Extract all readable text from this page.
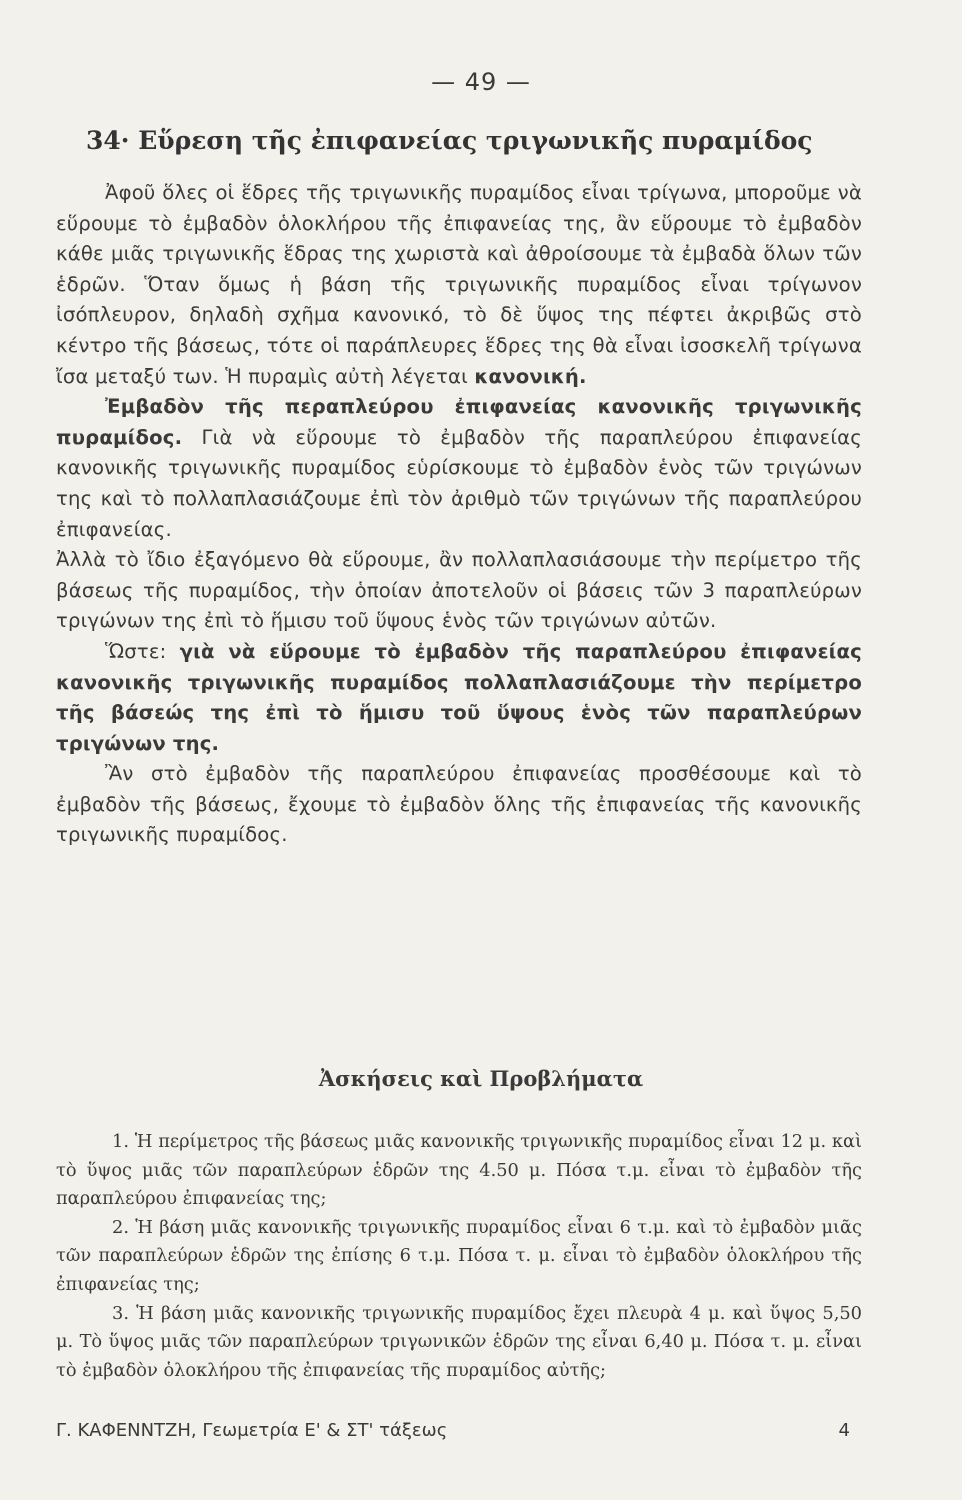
— 49 —
34· Εὕρεση τῆς ἐπιφανείας τριγωνικῆς πυραμίδος

Ἀφοῦ ὅλες οἱ ἕδρες τῆς τριγωνικῆς πυραμίδος εἶναι τρίγωνα, μποροῦμε νὰ εὕρουμε τὸ ἐμβαδὸν ὁλοκλήρου τῆς ἐπιφανείας της, ἂν εὕρουμε τὸ ἐμβαδὸν κάθε μιᾶς τριγωνικῆς ἕδρας της χωριστὰ καὶ ἀθροίσουμε τὰ ἐμβαδὰ ὅλων τῶν ἑδρῶν. Ὅταν ὅμως ἡ βάση τῆς τριγωνικῆς πυραμίδος εἶναι τρίγωνον ἰσόπλευρον, δηλαδὴ σχῆμα κανονικό, τὸ δὲ ὕψος της πέφτει ἀκριβῶς στὸ κέντρο τῆς βάσεως, τότε οἱ παράπλευρες ἕδρες της θὰ εἶναι ἰσοσκελῆ τρίγωνα ἴσα μεταξύ των. Ἡ πυραμὶς αὐτὴ λέγεται κανονική.

Ἐμβαδὸν τῆς περαπλεύρου ἐπιφανείας κανονικῆς τριγωνικῆς πυραμίδος. Γιὰ νὰ εὕρουμε τὸ ἐμβαδὸν τῆς παραπλεύρου ἐπιφανείας κανονικῆς τριγωνικῆς πυραμίδος εὑρίσκουμε τὸ ἐμβαδὸν ἑνὸς τῶν τριγώνων της καὶ τὸ πολλαπλασιάζουμε ἐπὶ τὸν ἀριθμὸ τῶν τριγώνων τῆς παραπλεύρου ἐπιφανείας.

Ἀλλὰ τὸ ἴδιο ἐξαγόμενο θὰ εὕρουμε, ἂν πολλαπλασιάσουμε τὴν περίμετρο τῆς βάσεως τῆς πυραμίδος, τὴν ὁποίαν ἀποτελοῦν οἱ βάσεις τῶν 3 παραπλεύρων τριγώνων της ἐπὶ τὸ ἥμισυ τοῦ ὕψους ἑνὸς τῶν τριγώνων αὐτῶν.

Ὥστε: γιὰ νὰ εὕρουμε τὸ ἐμβαδὸν τῆς παραπλεύρου ἐπιφανείας κανονικῆς τριγωνικῆς πυραμίδος πολλαπλασιάζουμε τὴν περίμετρο τῆς βάσεώς της ἐπὶ τὸ ἥμισυ τοῦ ὕψους ἑνὸς τῶν παραπλεύρων τριγώνων της.

Ἂν στὸ ἐμβαδὸν τῆς παραπλεύρου ἐπιφανείας προσθέσουμε καὶ τὸ ἐμβαδὸν τῆς βάσεως, ἔχουμε τὸ ἐμβαδὸν ὅλης τῆς ἐπιφανείας τῆς κανονικῆς τριγωνικῆς πυραμίδος.

Ἀσκήσεις καὶ Προβλήματα

1. Ἡ περίμετρος τῆς βάσεως μιᾶς κανονικῆς τριγωνικῆς πυραμίδος εἶναι 12 μ. καὶ τὸ ὕψος μιᾶς τῶν παραπλεύρων ἑδρῶν της 4.50 μ. Πόσα τ.μ. εἶναι τὸ ἐμβαδὸν τῆς παραπλεύρου ἐπιφανείας της;

2. Ἡ βάση μιᾶς κανονικῆς τριγωνικῆς πυραμίδος εἶναι 6 τ.μ. καὶ τὸ ἐμβαδὸν μιᾶς τῶν παραπλεύρων ἑδρῶν της ἐπίσης 6 τ.μ. Πόσα τ. μ. εἶναι τὸ ἐμβαδὸν ὁλοκλήρου τῆς ἐπιφανείας της;

3. Ἡ βάση μιᾶς κανονικῆς τριγωνικῆς πυραμίδος ἔχει πλευρὰ 4 μ. καὶ ὕψος 5,50 μ. Τὸ ὕψος μιᾶς τῶν παραπλεύρων τριγωνικῶν ἑδρῶν της εἶναι 6,40 μ. Πόσα τ. μ. εἶναι τὸ ἐμβαδὸν ὁλοκλήρου τῆς ἐπιφανείας τῆς πυραμίδος αὐτῆς;

Γ. ΚΑΦΕΝΝΤΖΗ, Γεωμετρία Ε' & ΣΤ' τάξεως	4
